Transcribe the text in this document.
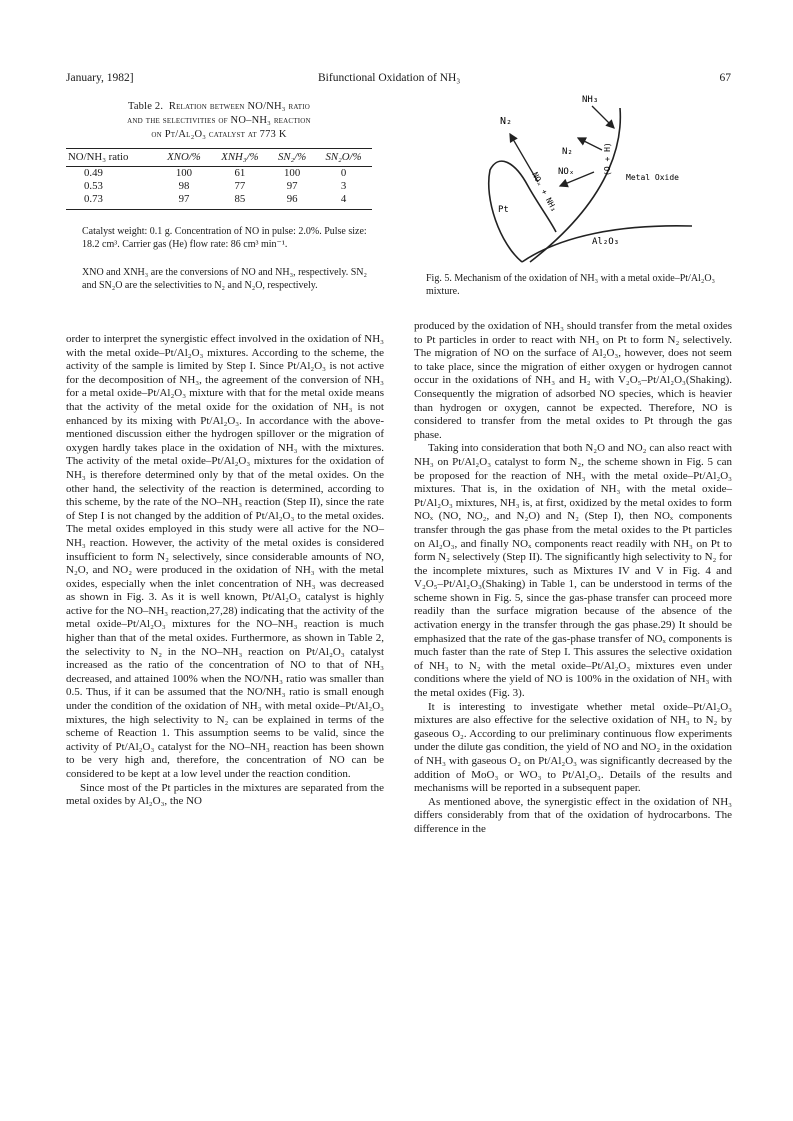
January, 1982]	Bifunctional Oxidation of NH₃	67
Table 2. Relation between NO/NH₃ ratio
and the selectivities of NO–NH₃ reaction
on Pt/Al₂O₃ catalyst at 773 K
NO/NH₃ ratio	XNO/%	XNH₃/%	SN₂/%	SN₂O/%
0.49	100	61	100	0
0.53	98	77	97	3
0.73	97	85	96	4
Catalyst weight: 0.1 g. Concentration of NO in pulse: 2.0%. Pulse size: 18.2 cm³. Carrier gas (He) flow rate: 86 cm³ min⁻¹.
XNO and XNH₃ are the conversions of NO and NH₃, respectively. SN₂ and SN₂O are the selectivities to N₂ and N₂O, respectively.
N₂
NH₃
N₂
NOₓ	(O + H)
NOₓ + NH₃	Metal Oxide
Pt
Al₂O₃
Fig. 5. Mechanism of the oxidation of NH₃ with a metal oxide–Pt/Al₂O₃ mixture.

order to interpret the synergistic effect involved in the oxidation of NH₃ with the metal oxide–Pt/Al₂O₃ mixtures. According to the scheme, the activity of the sample is limited by Step I. Since Pt/Al₂O₃ is not active for the decomposition of NH₃, the agreement of the conversion of NH₃ for a metal oxide–Pt/Al₂O₃ mixture with that for the metal oxide means that the activity of the metal oxide for the oxidation of NH₃ is not enhanced by its mixing with Pt/Al₂O₃. In accordance with the above-mentioned discussion either the hydrogen spillover or the migration of oxygen hardly takes place in the oxidation of NH₃ with the mixtures. The activity of the metal oxide–Pt/Al₂O₃ mixtures for the oxidation of NH₃ is therefore determined only by that of the metal oxides. On the other hand, the selectivity of the reaction is determined, according to this scheme, by the rate of the NO–NH₃ reaction (Step II), since the rate of Step I is not changed by the addition of Pt/Al₂O₃ to the metal oxides. The metal oxides employed in this study were all active for the NO–NH₃ reaction. However, the activity of the metal oxides is considered insufficient to form N₂ selectively, since considerable amounts of NO, N₂O, and NO₂ were produced in the oxidation of NH₃ with the metal oxides, especially when the inlet concentration of NH₃ was decreased as shown in Fig. 3. As it is well known, Pt/Al₂O₃ catalyst is highly active for the NO–NH₃ reaction,27,28) indicating that the activity of the metal oxide–Pt/Al₂O₃ mixtures for the NO–NH₃ reaction is much higher than that of the metal oxides. Furthermore, as shown in Table 2, the selectivity to N₂ in the NO–NH₃ reaction on Pt/Al₂O₃ catalyst increased as the ratio of the concentration of NO to that of NH₃ decreased, and attained 100% when the NO/NH₃ ratio was smaller than 0.5. Thus, if it can be assumed that the NO/NH₃ ratio is small enough under the condition of the oxidation of NH₃ with metal oxide–Pt/Al₂O₃ mixtures, the high selectivity to N₂ can be explained in terms of the scheme of Reaction 1. This assumption seems to be valid, since the activity of Pt/Al₂O₃ catalyst for the NO–NH₃ reaction has been shown to be very high and, therefore, the concentration of NO can be considered to be kept at a low level under the reaction condition.

Since most of the Pt particles in the mixtures are separated from the metal oxides by Al₂O₃, the NO

produced by the oxidation of NH₃ should transfer from the metal oxides to Pt particles in order to react with NH₃ on Pt to form N₂ selectively. The migration of NO on the surface of Al₂O₃, however, does not seem to take place, since the migration of either oxygen or hydrogen cannot occur in the oxidations of NH₃ and H₂ with V₂O₅–Pt/Al₂O₃(Shaking). Consequently the migration of adsorbed NO species, which is heavier than hydrogen or oxygen, cannot be expected. Therefore, NO is considered to transfer from the metal oxides to Pt through the gas phase.

Taking into consideration that both N₂O and NO₂ can also react with NH₃ on Pt/Al₂O₃ catalyst to form N₂, the scheme shown in Fig. 5 can be proposed for the reaction of NH₃ with the metal oxide–Pt/Al₂O₃ mixtures. That is, in the oxidation of NH₃ with the metal oxide–Pt/Al₂O₃ mixtures, NH₃ is, at first, oxidized by the metal oxides to form NOₓ (NO, NO₂, and N₂O) and N₂ (Step I), then NOₓ components transfer through the gas phase from the metal oxides to the Pt particles on Al₂O₃, and finally NOₓ components react readily with NH₃ on Pt to form N₂ selectively (Step II). The significantly high selectivity to N₂ for the incomplete mixtures, such as Mixtures IV and V in Fig. 4 and V₂O₅–Pt/Al₂O₃(Shaking) in Table 1, can be understood in terms of the scheme shown in Fig. 5, since the gas-phase transfer can proceed more readily than the surface migration because of the absence of the activation energy in the transfer through the gas phase.29) It should be emphasized that the rate of the gas-phase transfer of NOₓ components is much faster than the rate of Step I. This assures the selective oxidation of NH₃ to N₂ with the metal oxide–Pt/Al₂O₃ mixtures even under conditions where the yield of NO is 100% in the oxidation of NH₃ with the metal oxides (Fig. 3).

It is interesting to investigate whether metal oxide–Pt/Al₂O₃ mixtures are also effective for the selective oxidation of NH₃ to N₂ by gaseous O₂. According to our preliminary continuous flow experiments under the dilute gas condition, the yield of NO and NO₂ in the oxidation of NH₃ with gaseous O₂ on Pt/Al₂O₃ was significantly decreased by the addition of MoO₃ or WO₃ to Pt/Al₂O₃. Details of the results and mechanisms will be reported in a subsequent paper.

As mentioned above, the synergistic effect in the oxidation of NH₃ differs considerably from that of the oxidation of hydrocarbons. The difference in the
